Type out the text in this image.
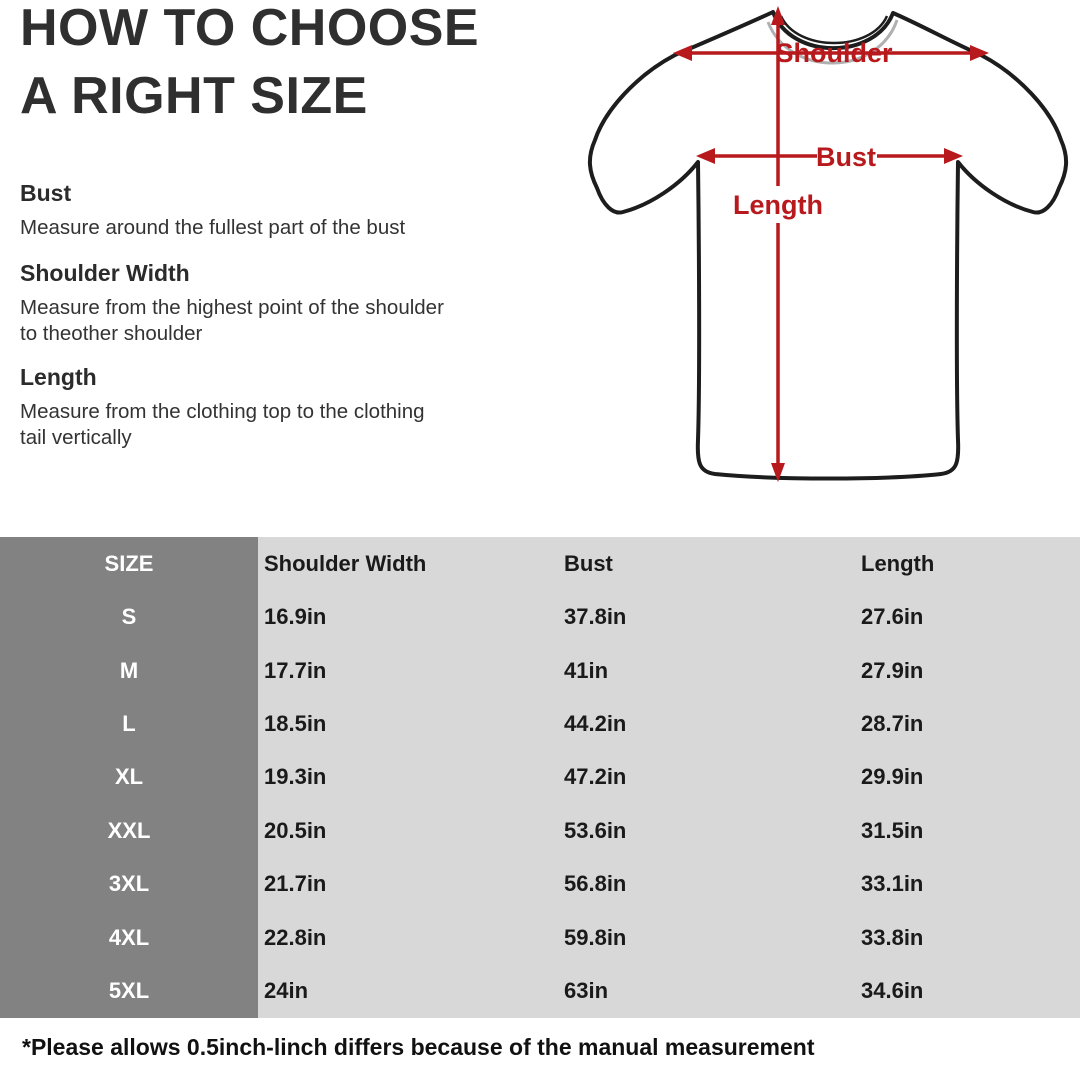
HOW TO CHOOSE
A RIGHT SIZE
Bust

Measure around the fullest part of the bust

Shoulder Width

Measure from the highest point of the shoulder to theother shoulder

Length

Measure from the clothing top to the clothing tail vertically

Length
Bust
Shoulder
SIZE	Shoulder Width	Bust	Length
S	16.9in	37.8in	27.6in
M	17.7in	41in	27.9in
L	18.5in	44.2in	28.7in
XL	19.3in	47.2in	29.9in
XXL	20.5in	53.6in	31.5in
3XL	21.7in	56.8in	33.1in
4XL	22.8in	59.8in	33.8in
5XL	24in	63in	34.6in
*Please allows 0.5inch-linch differs because of the manual measurement
